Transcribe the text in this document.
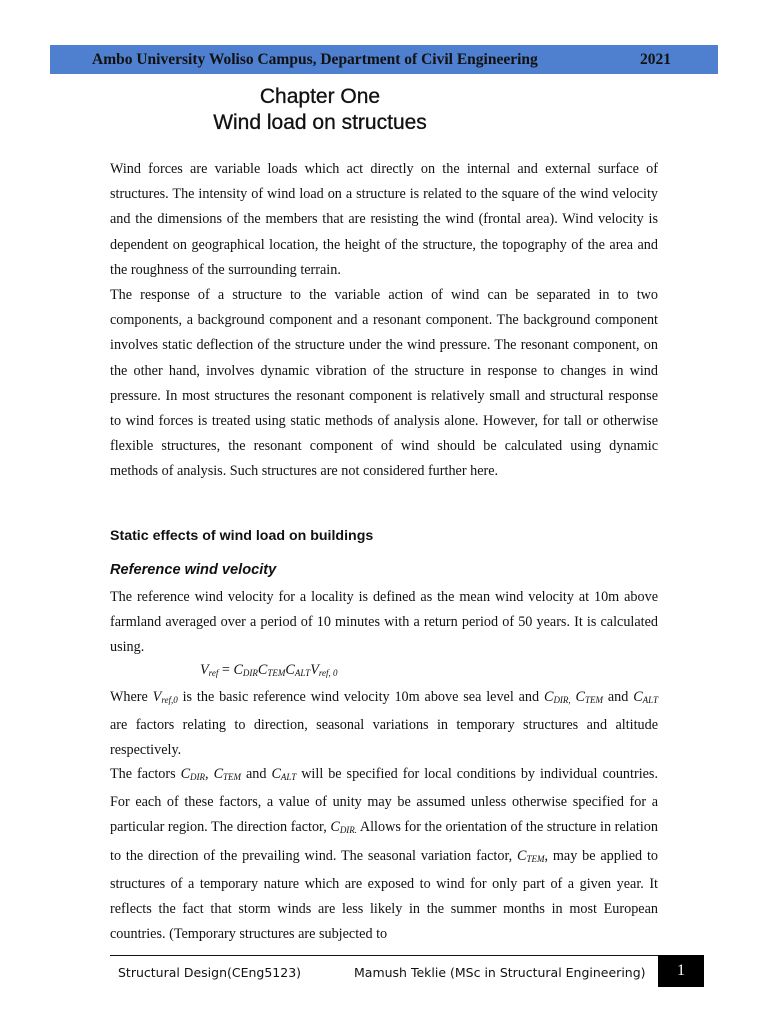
Ambo University Woliso Campus, Department of Civil Engineering	2021
Chapter One
Wind load on structues
Wind forces are variable loads which act directly on the internal and external surface of structures. The intensity of wind load on a structure is related to the square of the wind velocity and the dimensions of the members that are resisting the wind (frontal area). Wind velocity is dependent on geographical location, the height of the structure, the topography of the area and the roughness of the surrounding terrain.
The response of a structure to the variable action of wind can be separated in to two components, a background component and a resonant component. The background component involves static deflection of the structure under the wind pressure. The resonant component, on the other hand, involves dynamic vibration of the structure in response to changes in wind pressure. In most structures the resonant component is relatively small and structural response to wind forces is treated using static methods of analysis alone. However, for tall or otherwise flexible structures, the resonant component of wind should be calculated using dynamic methods of analysis. Such structures are not considered further here.
Static effects of wind load on buildings
Reference wind velocity
The reference wind velocity for a locality is defined as the mean wind velocity at 10m above farmland averaged over a period of 10 minutes with a return period of 50 years. It is calculated using.
$V_{ref} = C_{DIR}C_{TEM}C_{ALT}V_{ref, 0}$
Where $V_{ref,0}$ is the basic reference wind velocity 10m above sea level and $C_{DIR,}$ $C_{TEM}$ and $C_{ALT}$ are factors relating to direction, seasonal variations in temporary structures and altitude respectively.
The factors $C_{DIR}$, $C_{TEM}$ and $C_{ALT}$ will be specified for local conditions by individual countries. For each of these factors, a value of unity may be assumed unless otherwise specified for a particular region. The direction factor, $C_{DIR.}$ Allows for the orientation of the structure in relation to the direction of the prevailing wind. The seasonal variation factor, $C_{TEM}$, may be applied to structures of a temporary nature which are exposed to wind for only part of a given year. It reflects the fact that storm winds are less likely in the summer months in most European countries. (Temporary structures are subjected to
Structural Design(CEng5123)	Mamush Teklie (MSc in Structural Engineering)	1
